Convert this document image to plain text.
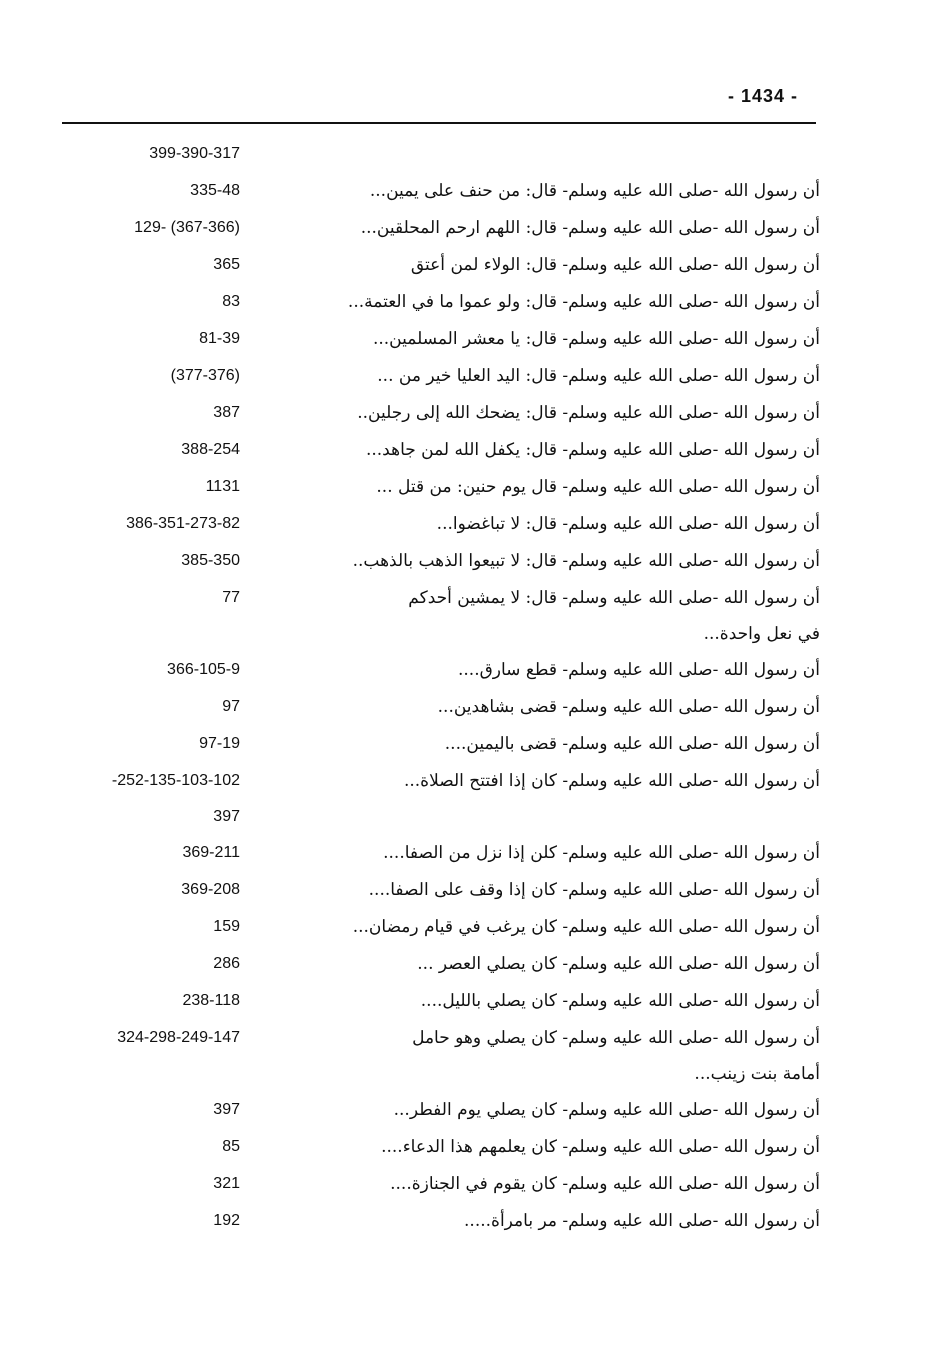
- 1434 -
399-390-317
أن رسول الله -صلى الله عليه وسلم- قال: من حنف على يمين...
335-48
أن رسول الله -صلى الله عليه وسلم- قال: اللهم ارحم المحلقين...
129- (367-366)
أن رسول الله -صلى الله عليه وسلم- قال: الولاء لمن أعتق
365
أن رسول الله -صلى الله عليه وسلم- قال: ولو عموا ما في العتمة...
83
أن رسول الله -صلى الله عليه وسلم- قال: يا معشر المسلمين...
81-39
أن رسول الله -صلى الله عليه وسلم- قال: اليد العليا خير من ...
(377-376)
أن رسول الله -صلى الله عليه وسلم- قال: يضحك الله إلى رجلين..
387
أن رسول الله -صلى الله عليه وسلم- قال: يكفل الله لمن جاهد...
388-254
أن رسول الله -صلى الله عليه وسلم- قال يوم حنين: من قتل ...
1131
أن رسول الله -صلى الله عليه وسلم- قال: لا تباغضوا...
386-351-273-82
أن رسول الله -صلى الله عليه وسلم- قال: لا تبيعوا الذهب بالذهب..
385-350
أن رسول الله -صلى الله عليه وسلم- قال: لا يمشين أحدكم
77
في نعل واحدة...
أن رسول الله -صلى الله عليه وسلم- قطع سارق....
366-105-9
أن رسول الله -صلى الله عليه وسلم- قضى بشاهدين...
97
أن رسول الله -صلى الله عليه وسلم- قضى باليمين....
97-19
أن رسول الله -صلى الله عليه وسلم- كان إذا افتتح الصلاة...
-252-135-103-102

397
أن رسول الله -صلى الله عليه وسلم- كلن إذا نزل من الصفا....
369-211
أن رسول الله -صلى الله عليه وسلم- كان إذا وقف على الصفا....
369-208
أن رسول الله -صلى الله عليه وسلم- كان يرغب في قيام رمضان...
159
أن رسول الله -صلى الله عليه وسلم- كان يصلي العصر ...
286
أن رسول الله -صلى الله عليه وسلم- كان يصلي بالليل....
238-118
أن رسول الله -صلى الله عليه وسلم- كان يصلي وهو حامل
324-298-249-147
أمامة بنت زينب...
أن رسول الله -صلى الله عليه وسلم- كان يصلي يوم الفطر...
397
أن رسول الله -صلى الله عليه وسلم- كان يعلمهم هذا الدعاء....
85
أن رسول الله -صلى الله عليه وسلم- كان يقوم في الجنازة....
321
أن رسول الله -صلى الله عليه وسلم- مر بامرأة.....
192
